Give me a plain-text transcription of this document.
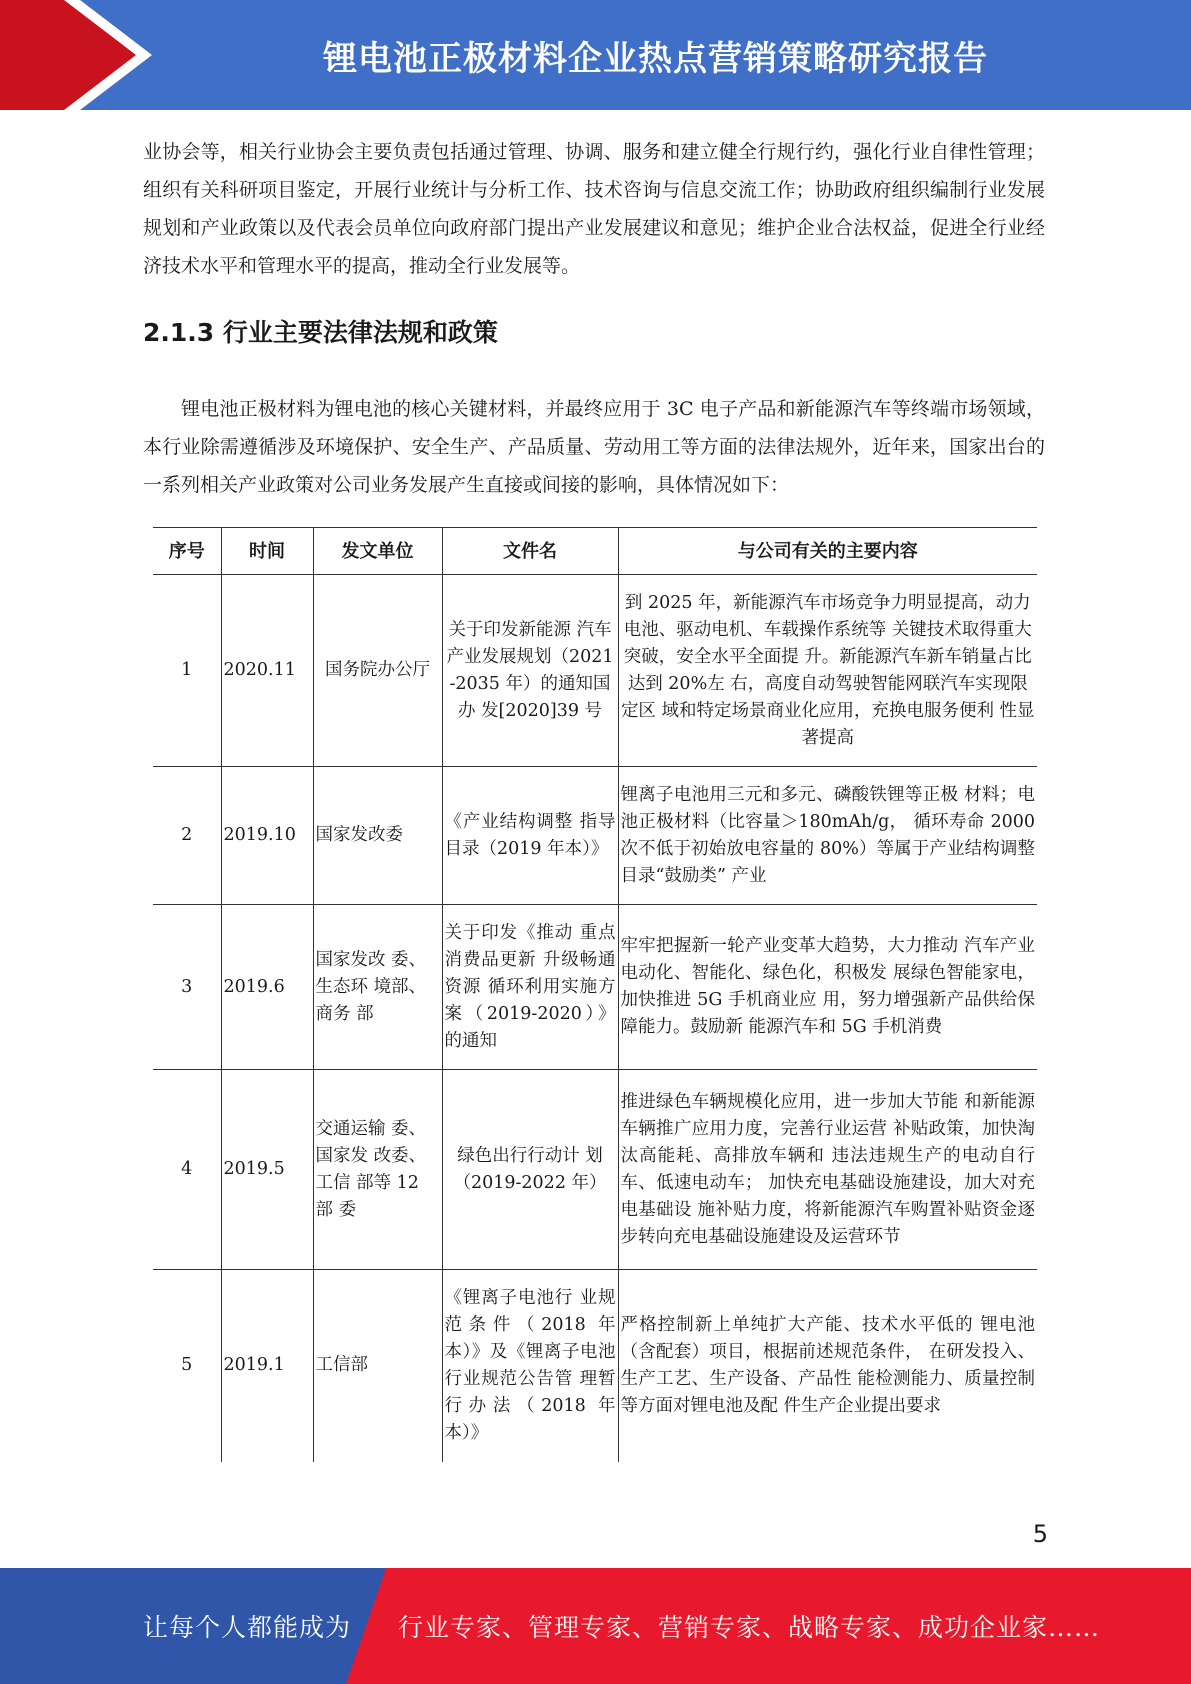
锂电池正极材料企业热点营销策略研究报告

业协会等，相关行业协会主要负责包括通过管理、协调、服务和建立健全行规行约，强化行业自律性管理；组织有关科研项目鉴定，开展行业统计与分析工作、技术咨询与信息交流工作；协助政府组织编制行业发展规划和产业政策以及代表会员单位向政府部门提出产业发展建议和意见；维护企业合法权益，促进全行业经济技术水平和管理水平的提高，推动全行业发展等。

2.1.3 行业主要法律法规和政策

锂电池正极材料为锂电池的核心关键材料，并最终应用于 3C 电子产品和新能源汽车等终端市场领域，本行业除需遵循涉及环境保护、安全生产、产品质量、劳动用工等方面的法律法规外，近年来，国家出台的一系列相关产业政策对公司业务发展产生直接或间接的影响，具体情况如下：

序号	时间	发文单位	文件名	与公司有关的主要内容
1	2020.11	国务院办公厅	关于印发新能源 汽车产业发展规划（2021-2035 年）的通知国办 发[2020]39 号	到 2025 年，新能源汽车市场竞争力明显提高，动力电池、驱动电机、车载操作系统等 关键技术取得重大突破，安全水平全面提 升。新能源汽车新车销量占比达到 20%左 右，高度自动驾驶智能网联汽车实现限定区 域和特定场景商业化应用，充换电服务便利 性显著提高
2	2019.10	国家发改委	《产业结构调整 指导目录（2019 年本）》	锂离子电池用三元和多元、磷酸铁锂等正极 材料；电池正极材料（比容量＞180mAh/g， 循环寿命 2000 次不低于初始放电容量的 80%）等属于产业结构调整目录“鼓励类” 产业
3	2019.6	国家发改 委、生态环 境部、商务 部	关于印发《推动 重点消费品更新 升级畅通资源 循环利用实施方 案（2019-2020）》 的通知	牢牢把握新一轮产业变革大趋势，大力推动 汽车产业电动化、智能化、绿色化，积极发 展绿色智能家电，加快推进 5G 手机商业应 用，努力增强新产品供给保障能力。鼓励新 能源汽车和 5G 手机消费
4	2019.5	交通运输 委、国家发 改委、工信 部等 12 部 委	绿色出行行动计 划（2019-2022 年）	推进绿色车辆规模化应用，进一步加大节能 和新能源车辆推广应用力度，完善行业运营 补贴政策，加快淘汰高能耗、高排放车辆和 违法违规生产的电动自行车、低速电动车； 加快充电基础设施建设，加大对充电基础设 施补贴力度，将新能源汽车购置补贴资金逐步转向充电基础设施建设及运营环节
5	2019.1	工信部	《锂离子电池行 业规范条件（2018 年本）》及《锂离子电池 行业规范公告管 理暂行办法（2018 年本）》	严格控制新上单纯扩大产能、技术水平低的 锂电池（含配套）项目，根据前述规范条件， 在研发投入、生产工艺、生产设备、产品性 能检测能力、质量控制等方面对锂电池及配 件生产企业提出要求
5
让每个人都能成为 行业专家、管理专家、营销专家、战略专家、成功企业家……
